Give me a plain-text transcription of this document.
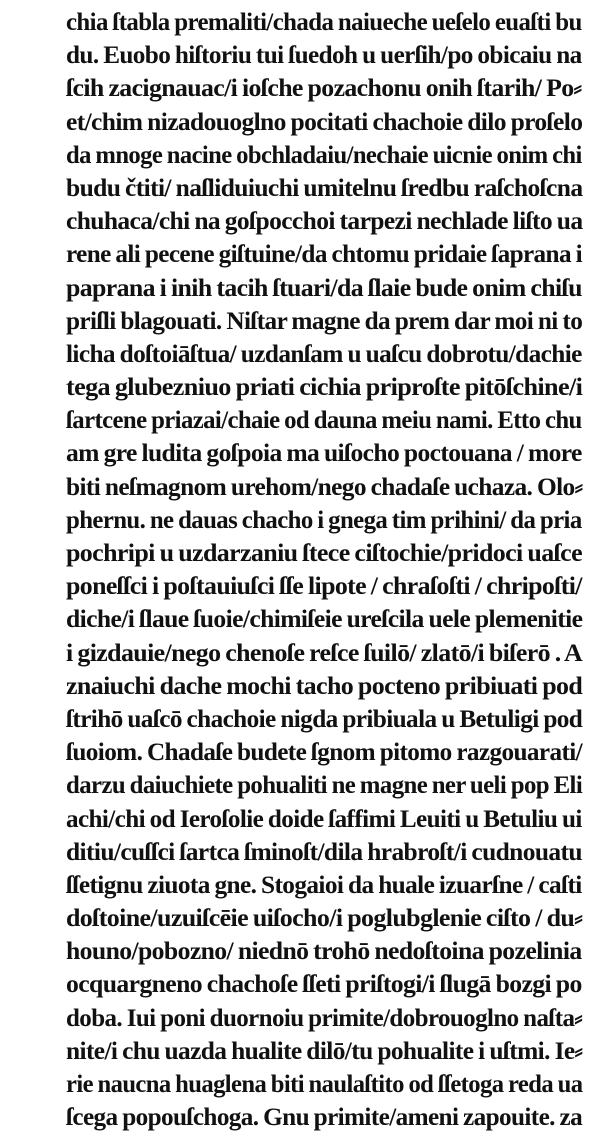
chia ſtabla premaliti/chada naiueche ueſelo euaſti bu
du. Euobo hiſtoriu tui ſuedoh u uerſih/po obicaiu na
ſcih zacignauac/i ioſche pozachonu onih ſtarih/ Po⸗
et/chim nizadouoglno pocitati chachoie dilo proſelo
da mnoge nacine obchladaiu/nechaie uicnie onim chi
budu čtiti/ naſliduiuchi umitelnu ſredbu raſchoſcna
chuhaca/chi na goſpocchoi tarpezi nechlade liſto ua
rene ali pecene giſtuine/da chtomu pridaie ſaprana i
paprana i inih tacih ſtuari/da ſlaie bude onim chiſu
priſli blagouati. Niſtar magne da prem dar moi ni to
licha doſtoiāſtua/ uzdanſam u uaſcu dobrotu/dachie
tega glubezniuo priati cichia priproſte pitōſchine/i
ſartcene priazai/chaie od dauna meiu nami. Etto chu
am gre ludita goſpoia ma uiſocho poctouana / more
biti neſmagnom urehom/nego chadaſe uchaza. Olo⸗
phernu. ne dauas chacho i gnega tim prihini/ da pria
pochripi u uzdarzaniu ſtece ciſtochie/pridoci uaſce
poneſſci i poſtauiuſci ſſe lipote / chraſoſti / chripoſti/
diche/i ſlaue ſuoie/chimiſeie ureſcila uele plemenitie
i gizdauie/nego chenoſe reſce ſuilō/ zlatō/i biſerō . A
znaiuchi dache mochi tacho pocteno pribiuati pod
ſtrihō uaſcō chachoie nigda pribiuala u Betuligi pod
ſuoiom. Chadaſe budete ſgnom pitomo razgouarati/
darzu daiuchiete pohualiti ne magne ner ueli pop Eli
achi/chi od Ieroſolie doide ſaffimi Leuiti u Betuliu ui
ditiu/cuſſci ſartca ſminoſt/dila hrabroſt/i cudnouatu
ſſetignu ziuota gne. Stogaioi da huale izuarſne / caſti
doſtoine/uzuiſcēie uiſocho/i poglubglenie ciſto / du⸗
houno/pobozno/ niednō trohō nedoſtoina pozelinia
ocquargneno chachoſe ſſeti priſtogi/i ſlugā bozgi po
doba. Iui poni duornoiu primite/dobrouoglno naſta⸗
nite/i chu uazda hualite dilō/tu pohualite i uſtmi. Ie⸗
rie naucna huaglena biti naulaſtito od ſſetoga reda ua
ſcega popouſchoga. Gnu primite/ameni zapouite. za
